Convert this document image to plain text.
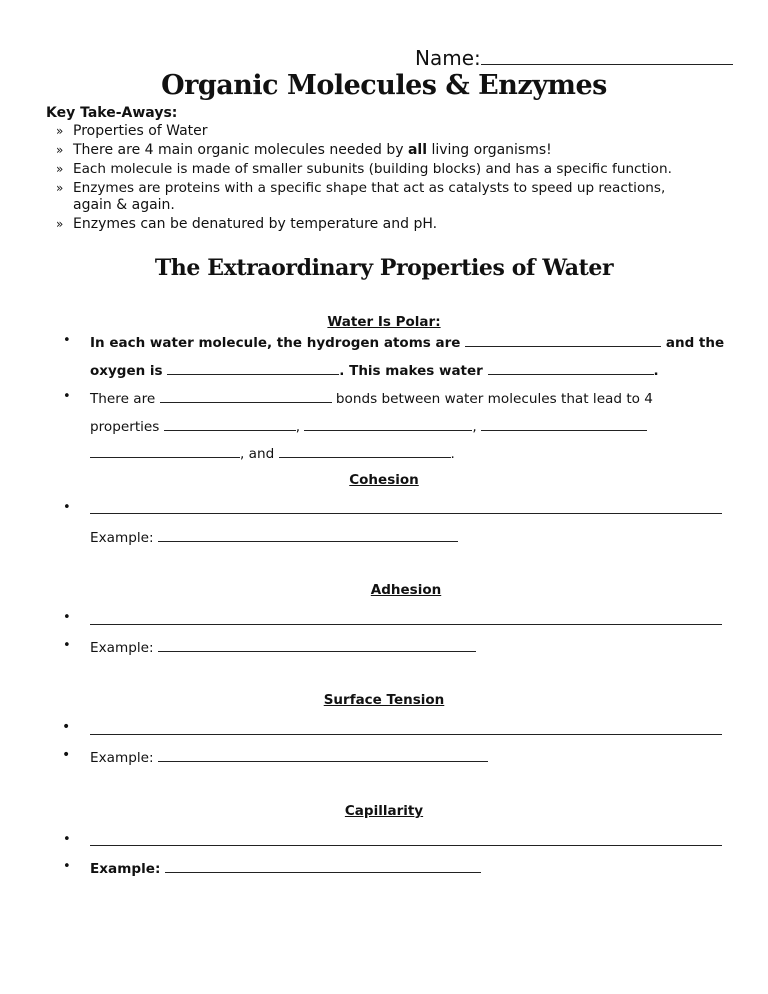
Name:
Organic Molecules & Enzymes
Key Take-Aways:
» Properties of Water
» There are 4 main organic molecules needed by all living organisms!
» Each molecule is made of smaller subunits (building blocks) and has a specific function.
» Enzymes are proteins with a specific shape that act as catalysts to speed up reactions,
again & again.
» Enzymes can be denatured by temperature and pH.
The Extraordinary Properties of Water
Water Is Polar:
• In each water molecule, the hydrogen atoms are	and the
oxygen is	. This makes water	.
• There are	bonds between water molecules that lead to 4
properties	,	,
, and	.
Cohesion
•
Example:
Adhesion
•
• Example:
Surface Tension
•
• Example:
Capillarity
•
• Example:
